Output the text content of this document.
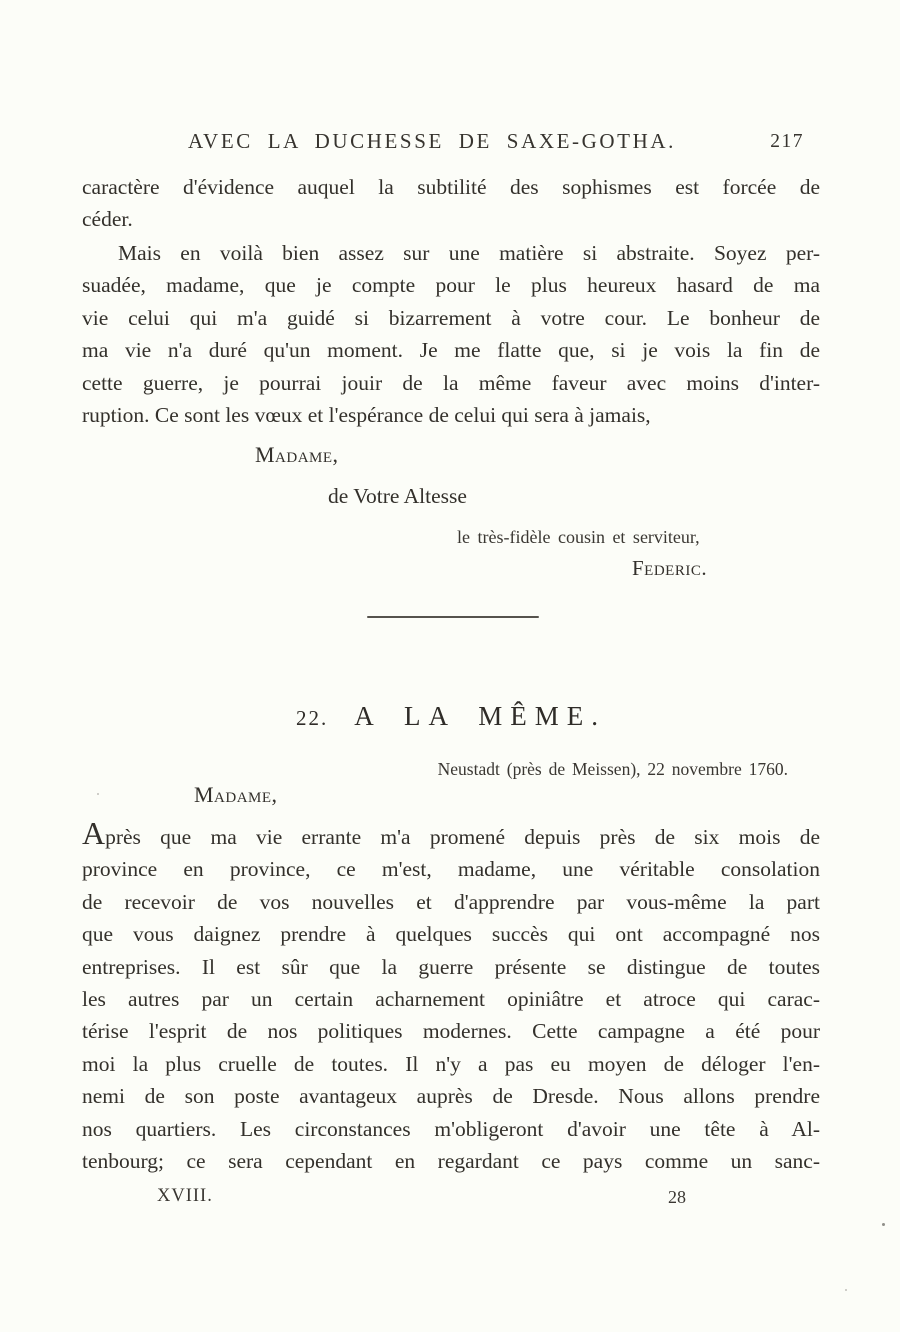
AVEC LA DUCHESSE DE SAXE-GOTHA.	217
caractère d'évidence auquel la subtilité des sophismes est forcée de
céder.
Mais en voilà bien assez sur une matière si abstraite. Soyez per-
suadée, madame, que je compte pour le plus heureux hasard de ma
vie celui qui m'a guidé si bizarrement à votre cour. Le bonheur de
ma vie n'a duré qu'un moment. Je me flatte que, si je vois la fin de
cette guerre, je pourrai jouir de la même faveur avec moins d'inter-
ruption. Ce sont les vœux et l'espérance de celui qui sera à jamais,
Madame,
de Votre Altesse
le très-fidèle cousin et serviteur,
Federic.
22. A LA MÊME.
Neustadt (près de Meissen), 22 novembre 1760.
Madame,
Après que ma vie errante m'a promené depuis près de six mois de
province en province, ce m'est, madame, une véritable consolation
de recevoir de vos nouvelles et d'apprendre par vous-même la part
que vous daignez prendre à quelques succès qui ont accompagné nos
entreprises. Il est sûr que la guerre présente se distingue de toutes
les autres par un certain acharnement opiniâtre et atroce qui carac-
térise l'esprit de nos politiques modernes. Cette campagne a été pour
moi la plus cruelle de toutes. Il n'y a pas eu moyen de déloger l'en-
nemi de son poste avantageux auprès de Dresde. Nous allons prendre
nos quartiers. Les circonstances m'obligeront d'avoir une tête à Al-
tenbourg; ce sera cependant en regardant ce pays comme un sanc-
XVIII.	28
